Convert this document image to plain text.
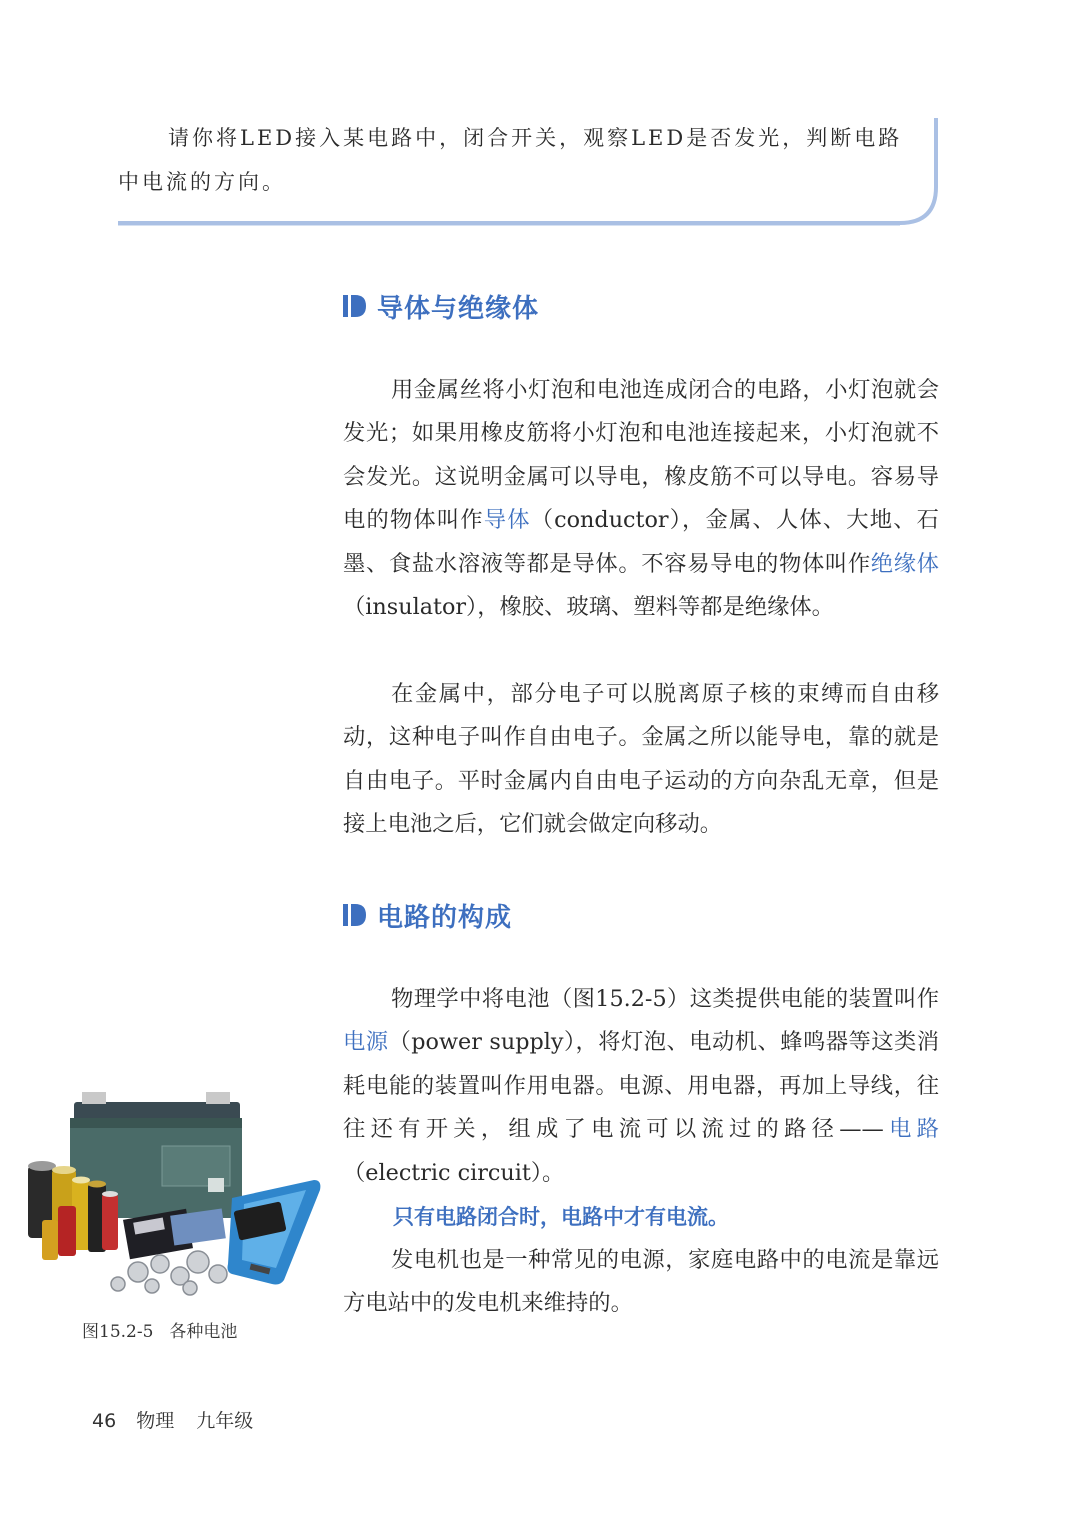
请你将LED接入某电路中，闭合开关，观察LED是否发光，判断电路中电流的方向。

导体与绝缘体

用金属丝将小灯泡和电池连成闭合的电路，小灯泡就会发光；如果用橡皮筋将小灯泡和电池连接起来，小灯泡就不会发光。这说明金属可以导电，橡皮筋不可以导电。容易导电的物体叫作导体（conductor），金属、人体、大地、石墨、食盐水溶液等都是导体。不容易导电的物体叫作绝缘体（insulator），橡胶、玻璃、塑料等都是绝缘体。

在金属中，部分电子可以脱离原子核的束缚而自由移动，这种电子叫作自由电子。金属之所以能导电，靠的就是自由电子。平时金属内自由电子运动的方向杂乱无章，但是接上电池之后，它们就会做定向移动。

电路的构成

物理学中将电池（图15.2-5）这类提供电能的装置叫作电源（power supply），将灯泡、电动机、蜂鸣器等这类消耗电能的装置叫作用电器。电源、用电器，再加上导线，往往还有开关，组成了电流可以流过的路径——电路（electric circuit）。

只有电路闭合时，电路中才有电流。

发电机也是一种常见的电源，家庭电路中的电流是靠远方电站中的发电机来维持的。

图15.2-5 各种电池

46 物理 九年级
